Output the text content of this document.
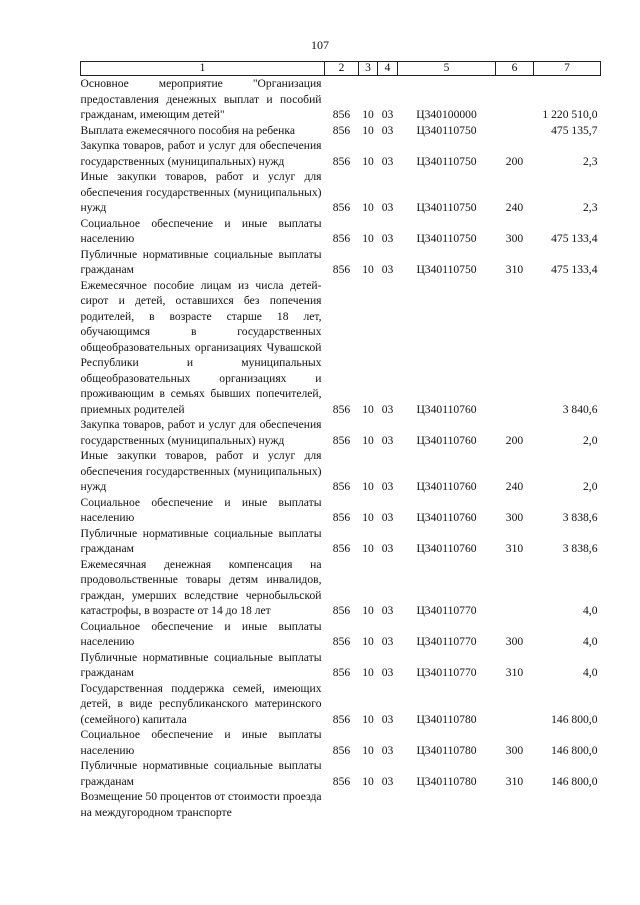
107
1	2	3	4	5	6	7
Основное мероприятие "Организация предоставления денежных выплат и пособий гражданам, имеющим детей"	856	10	03	Ц340100000		1 220 510,0
Выплата ежемесячного пособия на ребенка	856	10	03	Ц340110750		475 135,7
Закупка товаров, работ и услуг для обеспечения государственных (муниципальных) нужд	856	10	03	Ц340110750	200	2,3
Иные закупки товаров, работ и услуг для обеспечения государственных (муниципальных) нужд	856	10	03	Ц340110750	240	2,3
Социальное обеспечение и иные выплаты населению	856	10	03	Ц340110750	300	475 133,4
Публичные нормативные социальные выплаты гражданам	856	10	03	Ц340110750	310	475 133,4
Ежемесячное пособие лицам из числа детей-сирот и детей, оставшихся без попечения родителей, в возрасте старше 18 лет, обучающимся в государственных общеобразовательных организациях Чувашской Республики и муниципальных общеобразовательных организациях и проживающим в семьях бывших попечителей, приемных родителей	856	10	03	Ц340110760		3 840,6
Закупка товаров, работ и услуг для обеспечения государственных (муниципальных) нужд	856	10	03	Ц340110760	200	2,0
Иные закупки товаров, работ и услуг для обеспечения государственных (муниципальных) нужд	856	10	03	Ц340110760	240	2,0
Социальное обеспечение и иные выплаты населению	856	10	03	Ц340110760	300	3 838,6
Публичные нормативные социальные выплаты гражданам	856	10	03	Ц340110760	310	3 838,6
Ежемесячная денежная компенсация на продовольственные товары детям инвалидов, граждан, умерших вследствие чернобыльской катастрофы, в возрасте от 14 до 18 лет	856	10	03	Ц340110770		4,0
Социальное обеспечение и иные выплаты населению	856	10	03	Ц340110770	300	4,0
Публичные нормативные социальные выплаты гражданам	856	10	03	Ц340110770	310	4,0
Государственная поддержка семей, имеющих детей, в виде республиканского материнского (семейного) капитала	856	10	03	Ц340110780		146 800,0
Социальное обеспечение и иные выплаты населению	856	10	03	Ц340110780	300	146 800,0
Публичные нормативные социальные выплаты гражданам	856	10	03	Ц340110780	310	146 800,0
Возмещение 50 процентов от стоимости проезда на междугородном транспорте						
